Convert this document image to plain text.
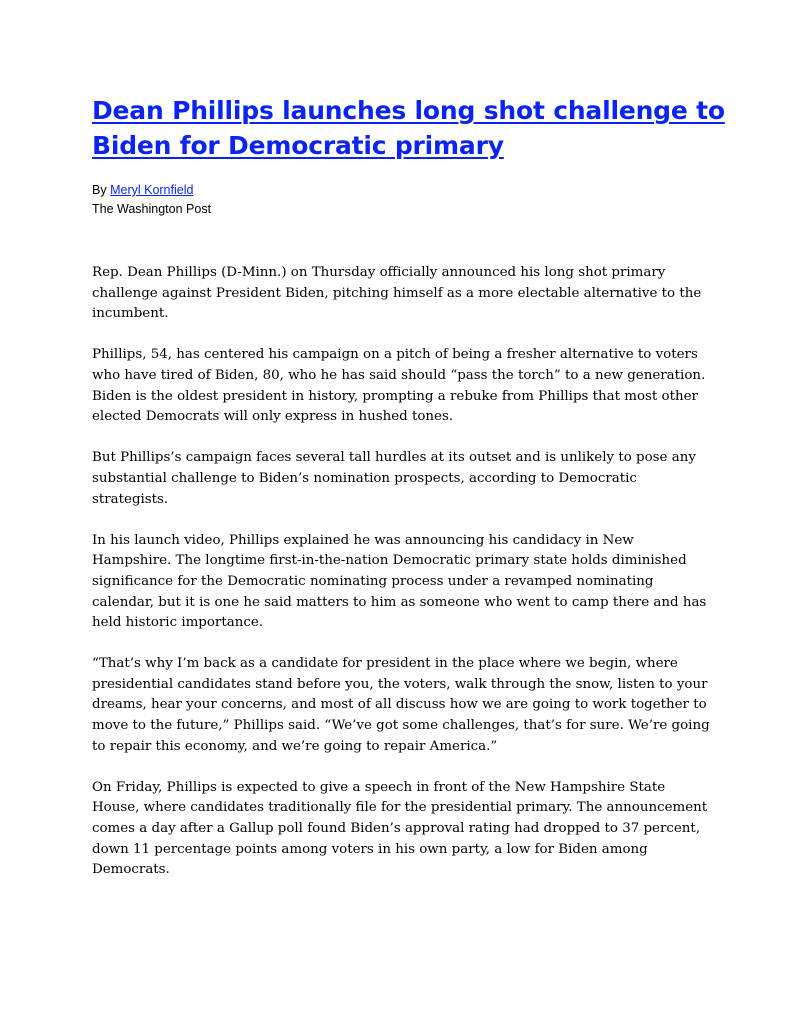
Dean Phillips launches long shot challenge to Biden for Democratic primary
By Meryl Kornfield
The Washington Post

Rep. Dean Phillips (D-Minn.) on Thursday officially announced his long shot primary challenge against President Biden, pitching himself as a more electable alternative to the incumbent.

Phillips, 54, has centered his campaign on a pitch of being a fresher alternative to voters who have tired of Biden, 80, who he has said should “pass the torch” to a new generation. Biden is the oldest president in history, prompting a rebuke from Phillips that most other elected Democrats will only express in hushed tones.

But Phillips’s campaign faces several tall hurdles at its outset and is unlikely to pose any substantial challenge to Biden’s nomination prospects, according to Democratic strategists.

In his launch video, Phillips explained he was announcing his candidacy in New Hampshire. The longtime first-in-the-nation Democratic primary state holds diminished significance for the Democratic nominating process under a revamped nominating calendar, but it is one he said matters to him as someone who went to camp there and has held historic importance.

“That’s why I’m back as a candidate for president in the place where we begin, where presidential candidates stand before you, the voters, walk through the snow, listen to your dreams, hear your concerns, and most of all discuss how we are going to work together to move to the future,” Phillips said. “We’ve got some challenges, that’s for sure. We’re going to repair this economy, and we’re going to repair America.”

On Friday, Phillips is expected to give a speech in front of the New Hampshire State House, where candidates traditionally file for the presidential primary. The announcement comes a day after a Gallup poll found Biden’s approval rating had dropped to 37 percent, down 11 percentage points among voters in his own party, a low for Biden among Democrats.
